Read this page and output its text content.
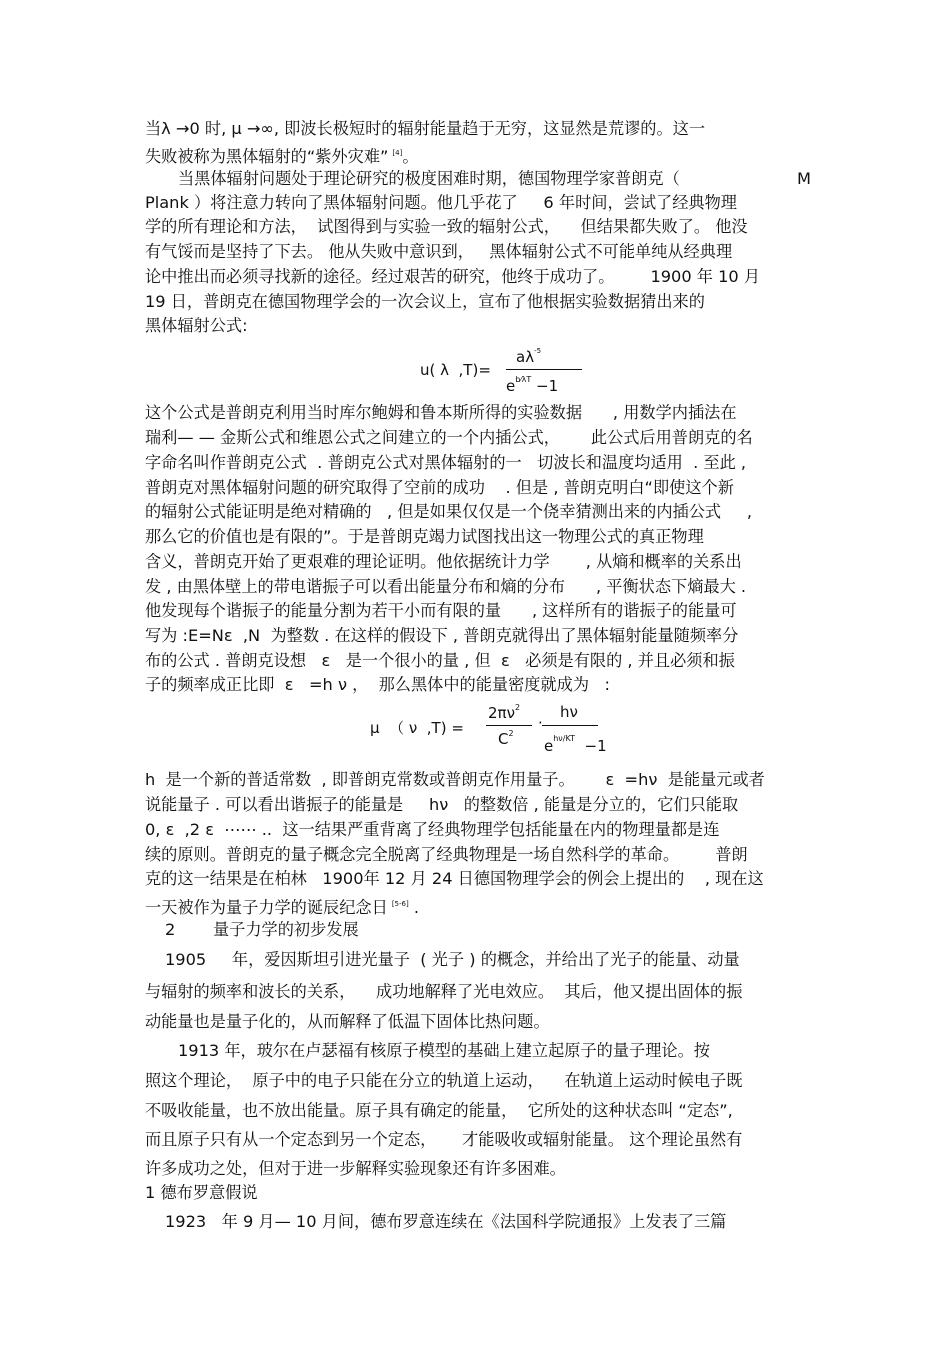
当λ →0 时, μ →∞, 即波长极短时的辐射能量趋于无穷，这显然是荒谬的。这一
失败被称为黑体辐射的“紫外灾难” [4]。
当黑体辐射问题处于理论研究的极度困难时期，德国物理学家普朗克（	M
Plank ）将注意力转向了黑体辐射问题。他几乎花了     6 年时间，尝试了经典物理
学的所有理论和方法，  试图得到与实验一致的辐射公式，    但结果都失败了。 他没
有气馁而是坚持了下去。 他从失败中意识到，   黑体辐射公式不可能单纯从经典理
论中推出而必须寻找新的途径。经过艰苦的研究，他终于成功了。       1900 年 10 月
19 日，普朗克在德国物理学会的一次会议上，宣布了他根据实验数据猜出来的
黑体辐射公式:
u( λ  ,T)=
$a\lambda^{-5}$
$e^{b⁄\lambda T} -1$
这个公式是普朗克利用当时库尔鲍姆和鲁本斯所得的实验数据      , 用数学内插法在
瑞利— — 金斯公式和维恩公式之间建立的一个内插公式，      此公式后用普朗克的名
字命名叫作普朗克公式  . 普朗克公式对黑体辐射的一   切波长和温度均适用  . 至此 ,
普朗克对黑体辐射问题的研究取得了空前的成功    . 但是 , 普朗克明白“即使这个新
的辐射公式能证明是绝对精确的   , 但是如果仅仅是一个侥幸猜测出来的内插公式     ,
那么它的价值也是有限的”。于是普朗克竭力试图找出这一物理公式的真正物理
含义，普朗克开始了更艰难的理论证明。他依据统计力学       , 从熵和概率的关系出
发 , 由黑体壁上的带电谐振子可以看出能量分布和熵的分布      , 平衡状态下熵最大 .
他发现每个谐振子的能量分割为若干小而有限的量      , 这样所有的谐振子的能量可
写为 :E=Nε  ,N  为整数 . 在这样的假设下 , 普朗克就得出了黑体辐射能量随频率分
布的公式 . 普朗克设想   ε   是一个很小的量 , 但  ε   必须是有限的 , 并且必须和振
子的频率成正比即  ε   =h ν ，  那么黑体中的能量密度就成为   :
μ  （ ν  ,T) =
$2\pi\nu^2$
$C^2$
·
hν
$e^{h\nu/KT} -1$
h  是一个新的普适常数  , 即普朗克常数或普朗克作用量子。      ε  =hν  是能量元或者
说能量子 . 可以看出谐振子的能量是     hν   的整数倍 , 能量是分立的，它们只能取
0, ε  ,2 ε  ⋯⋯ ..  这一结果严重背离了经典物理学包括能量在内的物理量都是连
续的原则。普朗克的量子概念完全脱离了经典物理是一场自然科学的革命。       普朗
克的这一结果是在柏林   1900年 12 月 24 日德国物理学会的例会上提出的    , 现在这
一天被作为量子力学的诞辰纪念日 [5-6] .
2 量子力学的初步发展
1905     年，爱因斯坦引进光量子  ( 光子 ) 的概念，并给出了光子的能量、动量
与辐射的频率和波长的关系，    成功地解释了光电效应。  其后，他又提出固体的振
动能量也是量子化的，从而解释了低温下固体比热问题。
1913 年，玻尔在卢瑟福有核原子模型的基础上建立起原子的量子理论。按
照这个理论，  原子中的电子只能在分立的轨道上运动，    在轨道上运动时候电子既
不吸收能量，也不放出能量。原子具有确定的能量，  它所处的这种状态叫 “定态”,
而且原子只有从一个定态到另一个定态，     才能吸收或辐射能量。 这个理论虽然有
许多成功之处，但对于进一步解释实验现象还有许多困难。
1 德布罗意假说
1923   年 9 月— 10 月间，德布罗意连续在《法国科学院通报》上发表了三篇
